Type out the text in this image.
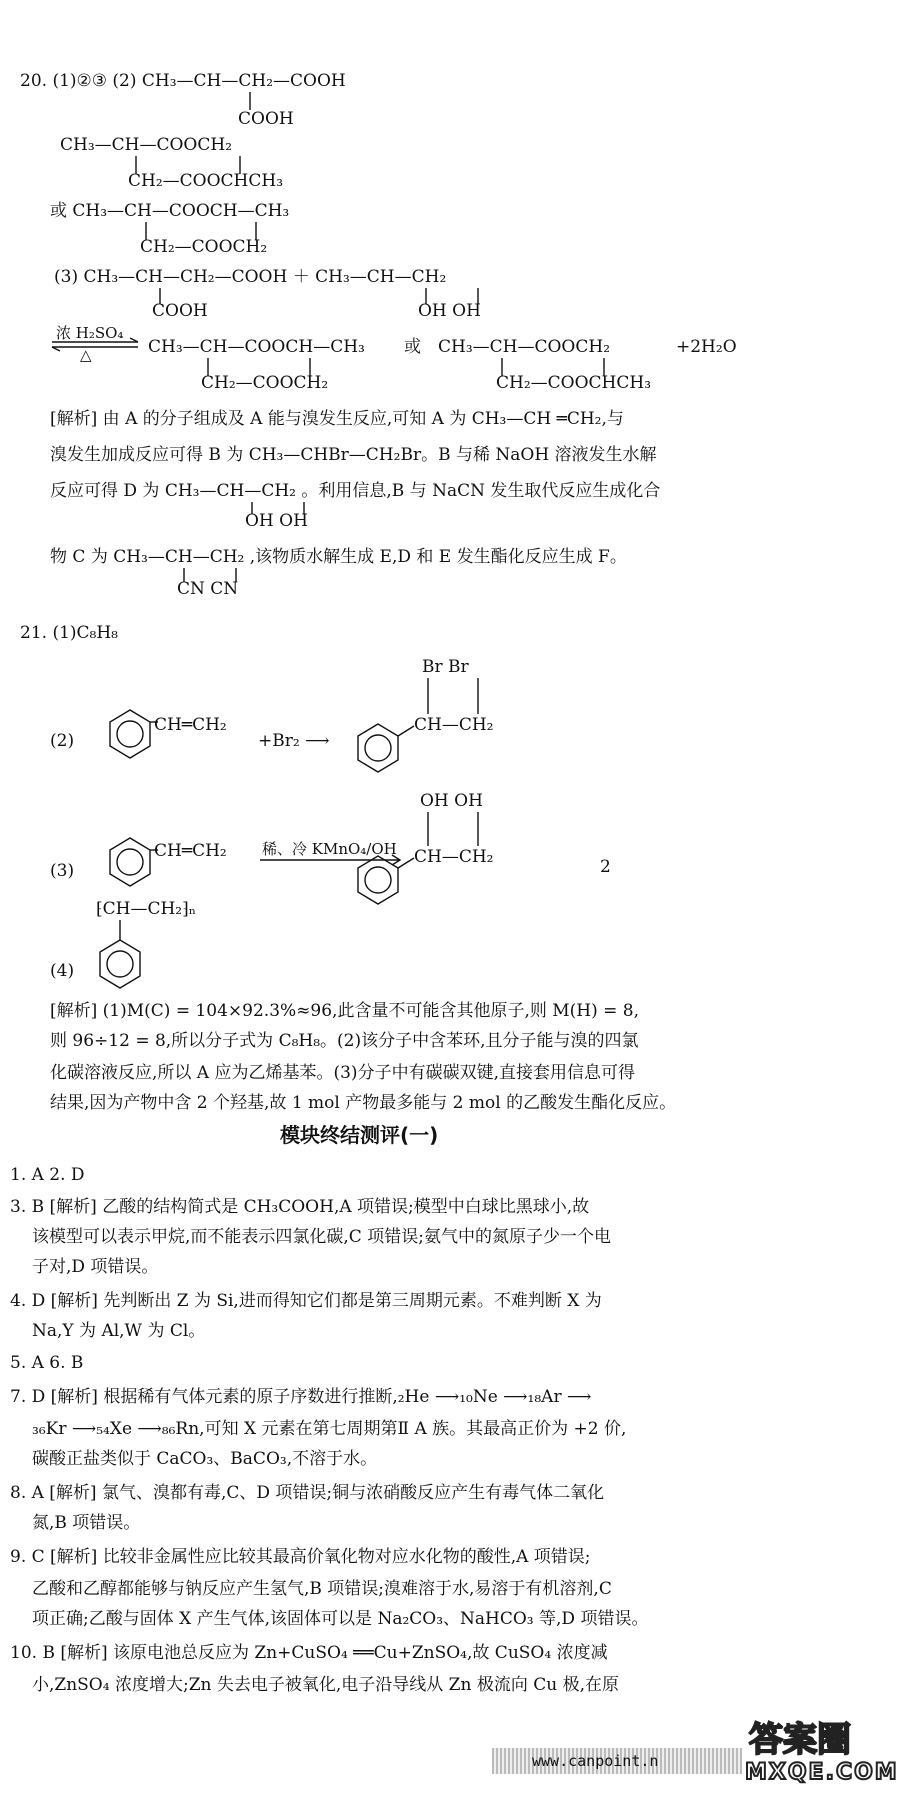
20. (1)②③ (2) CH₃—CH—CH₂—COOH
COOH
CH₃—CH—COOCH₂
CH₂—COOCHCH₃
或 CH₃—CH—COOCH—CH₃
CH₂—COOCH₂
(3) CH₃—CH—CH₂—COOH ＋ CH₃—CH—CH₂
COOH	OH OH
浓 H₂SO₄
△	CH₃—CH—COOCH—CH₃
CH₂—COOCH₂
或 CH₃—CH—COOCH₂
CH₂—COOCHCH₃
+2H₂O
[解析] 由 A 的分子组成及 A 能与溴发生反应,可知 A 为 CH₃—CH ═CH₂,与
溴发生加成反应可得 B 为 CH₃—CHBr—CH₂Br。B 与稀 NaOH 溶液发生水解
反应可得 D 为 CH₃—CH—CH₂ 。利用信息,B 与 NaCN 发生取代反应生成化合
OH OH
物 C 为 CH₃—CH—CH₂ ,该物质水解生成 E,D 和 E 发生酯化反应生成 F。
CN CN
21. (1)C₈H₈
Br Br
(2)
CH═CH₂
+Br₂ ⟶
CH—CH₂
OH OH
(3)
CH═CH₂ 稀、冷 KMnO₄/OH CH—CH₂	2
⁅CH—CH₂⁆ₙ
(4)
[解析] (1)M(C) = 104×92.3%≈96,此含量不可能含其他原子,则 M(H) = 8,
则 96÷12 = 8,所以分子式为 C₈H₈。(2)该分子中含苯环,且分子能与溴的四氯
化碳溶液反应,所以 A 应为乙烯基苯。(3)分子中有碳碳双键,直接套用信息可得
结果,因为产物中含 2 个羟基,故 1 mol 产物最多能与 2 mol 的乙酸发生酯化反应。
模块终结测评(一)
1. A 2. D
3. B [解析] 乙酸的结构简式是 CH₃COOH,A 项错误;模型中白球比黑球小,故
该模型可以表示甲烷,而不能表示四氯化碳,C 项错误;氨气中的氮原子少一个电
子对,D 项错误。
4. D [解析] 先判断出 Z 为 Si,进而得知它们都是第三周期元素。不难判断 X 为
Na,Y 为 Al,W 为 Cl。
5. A 6. B
7. D [解析] 根据稀有气体元素的原子序数进行推断,₂He ⟶₁₀Ne ⟶₁₈Ar ⟶
₃₆Kr ⟶₅₄Xe ⟶₈₆Rn,可知 X 元素在第七周期第Ⅱ A 族。其最高正价为 +2 价,
碳酸正盐类似于 CaCO₃、BaCO₃,不溶于水。
8. A [解析] 氯气、溴都有毒,C、D 项错误;铜与浓硝酸反应产生有毒气体二氧化
氮,B 项错误。
9. C [解析] 比较非金属性应比较其最高价氧化物对应水化物的酸性,A 项错误;
乙酸和乙醇都能够与钠反应产生氢气,B 项错误;溴难溶于水,易溶于有机溶剂,C
项正确;乙酸与固体 X 产生气体,该固体可以是 Na₂CO₃、NaHCO₃ 等,D 项错误。
10. B [解析] 该原电池总反应为 Zn+CuSO₄ ══Cu+ZnSO₄,故 CuSO₄ 浓度减
小,ZnSO₄ 浓度增大;Zn 失去电子被氧化,电子沿导线从 Zn 极流向 Cu 极,在原
www.canpoint.n
答案圈
MXQE.COM
